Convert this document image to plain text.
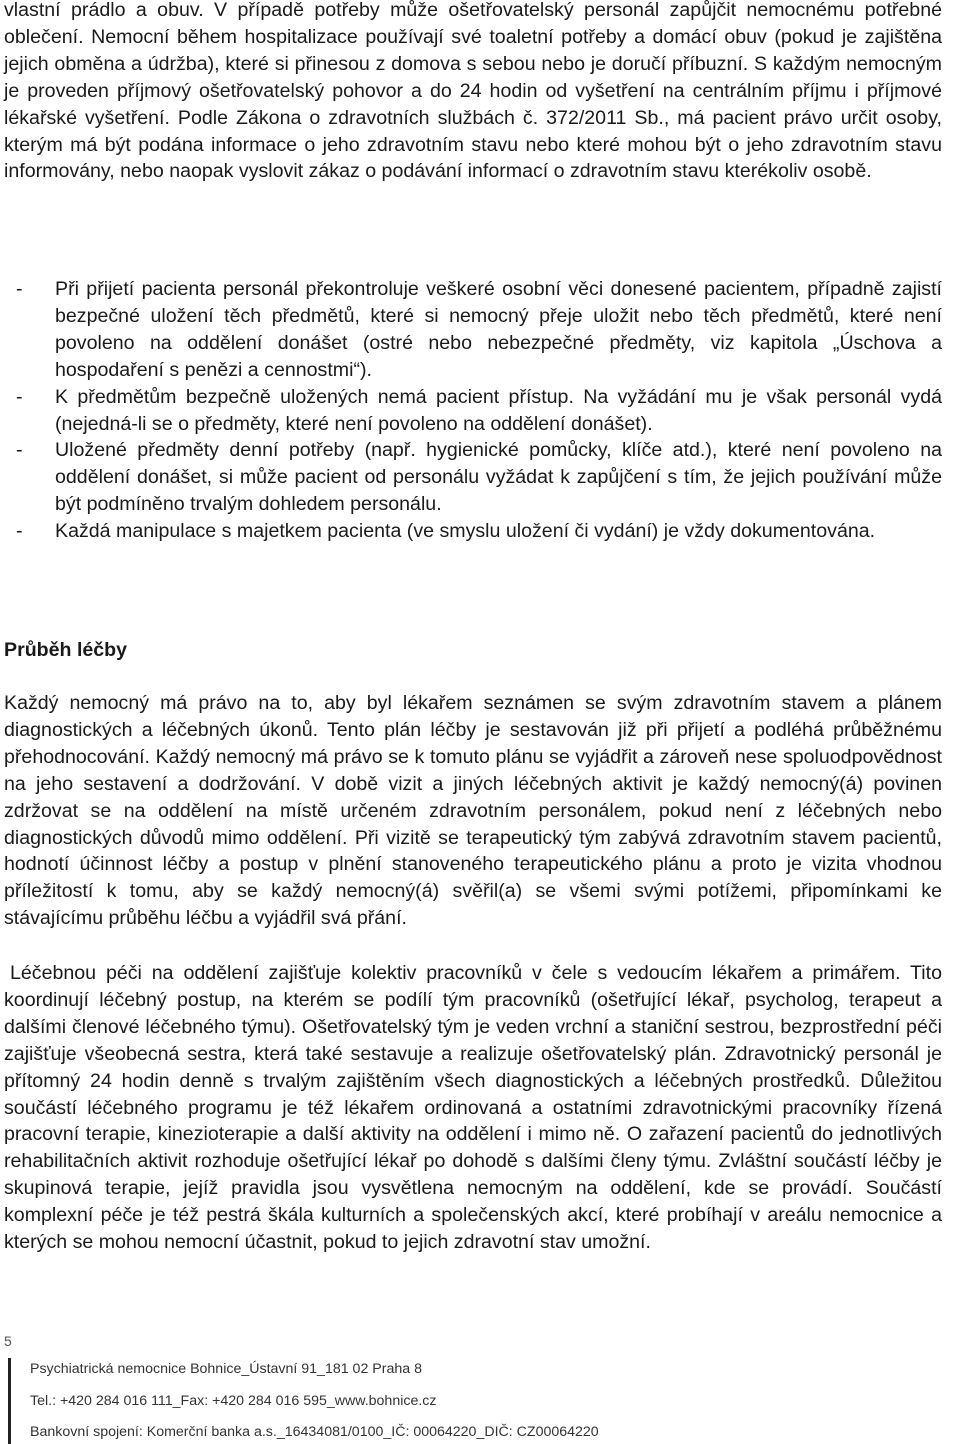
vlastní prádlo a obuv. V případě potřeby může ošetřovatelský personál zapůjčit nemocnému potřebné oblečení. Nemocní během hospitalizace používají své toaletní potřeby a domácí obuv (pokud je zajištěna jejich obměna a údržba), které si přinesou z domova s sebou nebo je doručí příbuzní. S každým nemocným je proveden příjmový ošetřovatelský pohovor a do 24 hodin od vyšetření na centrálním příjmu i příjmové lékařské vyšetření. Podle Zákona o zdravotních službách č. 372/2011 Sb., má pacient právo určit osoby, kterým má být podána informace o jeho zdravotním stavu nebo které mohou být o jeho zdravotním stavu informovány, nebo naopak vyslovit zákaz o podávání informací o zdravotním stavu kterékoliv osobě.

- Při přijetí pacienta personál překontroluje veškeré osobní věci donesené pacientem, případně zajistí bezpečné uložení těch předmětů, které si nemocný přeje uložit nebo těch předmětů, které není povoleno na oddělení donášet (ostré nebo nebezpečné předměty, viz kapitola „Úschova a hospodaření s penězi a cennostmi“).
- K předmětům bezpečně uložených nemá pacient přístup. Na vyžádání mu je však personál vydá (nejedná-li se o předměty, které není povoleno na oddělení donášet).
- Uložené předměty denní potřeby (např. hygienické pomůcky, klíče atd.), které není povoleno na oddělení donášet, si může pacient od personálu vyžádat k zapůjčení s tím, že jejich používání může být podmíněno trvalým dohledem personálu.
- Každá manipulace s majetkem pacienta (ve smyslu uložení či vydání) je vždy dokumentována.
Průběh léčby

Každý nemocný má právo na to, aby byl lékařem seznámen se svým zdravotním stavem a plánem diagnostických a léčebných úkonů. Tento plán léčby je sestavován již při přijetí a podléhá průběžnému přehodnocování. Každý nemocný má právo se k tomuto plánu se vyjádřit a zároveň nese spoluodpovědnost na jeho sestavení a dodržování. V době vizit a jiných léčebných aktivit je každý nemocný(á) povinen zdržovat se na oddělení na místě určeném zdravotním personálem, pokud není z léčebných nebo diagnostických důvodů mimo oddělení. Při vizitě se terapeutický tým zabývá zdravotním stavem pacientů, hodnotí účinnost léčby a postup v plnění stanoveného terapeutického plánu a proto je vizita vhodnou příležitostí k tomu, aby se každý nemocný(á) svěřil(a) se všemi svými potížemi, připomínkami ke stávajícímu průběhu léčbu a vyjádřil svá přání.

Léčebnou péči na oddělení zajišťuje kolektiv pracovníků v čele s vedoucím lékařem a primářem. Tito koordinují léčebný postup, na kterém se podílí tým pracovníků (ošetřující lékař, psycholog, terapeut a dalšími členové léčebného týmu). Ošetřovatelský tým je veden vrchní a staniční sestrou, bezprostřední péči zajišťuje všeobecná sestra, která také sestavuje a realizuje ošetřovatelský plán. Zdravotnický personál je přítomný 24 hodin denně s trvalým zajištěním všech diagnostických a léčebných prostředků. Důležitou součástí léčebného programu je též lékařem ordinovaná a ostatními zdravotnickými pracovníky řízená pracovní terapie, kinezioterapie a další aktivity na oddělení i mimo ně. O zařazení pacientů do jednotlivých rehabilitačních aktivit rozhoduje ošetřující lékař po dohodě s dalšími členy týmu. Zvláštní součástí léčby je skupinová terapie, jejíž pravidla jsou vysvětlena nemocným na oddělení, kde se provádí. Součástí komplexní péče je též pestrá škála kulturních a společenských akcí, které probíhají v areálu nemocnice a kterých se mohou nemocní účastnit, pokud to jejich zdravotní stav umožní.

5
Psychiatrická nemocnice Bohnice_Ústavní 91_181 02 Praha 8
Tel.: +420 284 016 111_Fax: +420 284 016 595_www.bohnice.cz
Bankovní spojení: Komerční banka a.s._16434081/0100_IČ: 00064220_DIČ: CZ00064220
